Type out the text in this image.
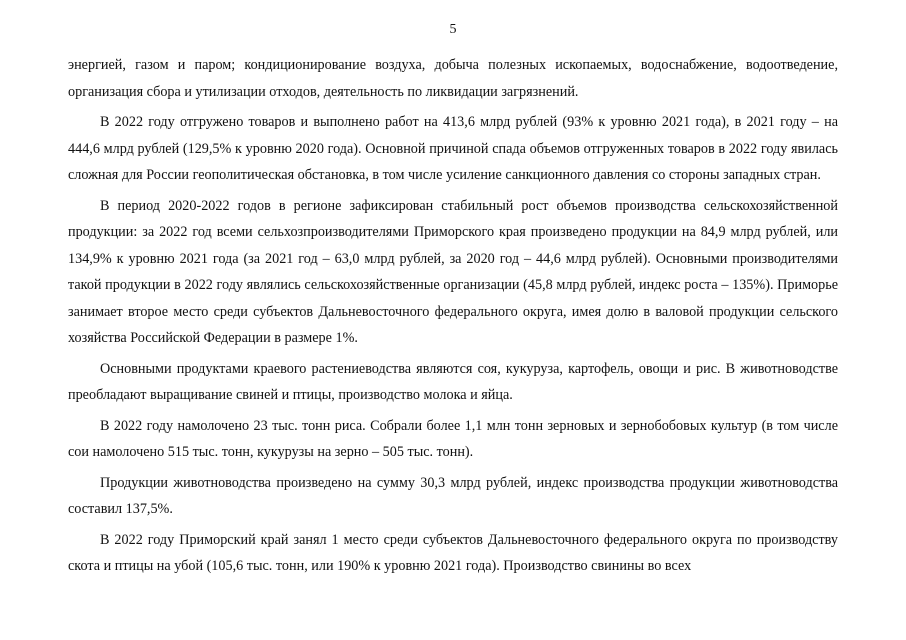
5

энергией, газом и паром; кондиционирование воздуха, добыча полезных ископаемых, водоснабжение, водоотведение, организация сбора и утилизации отходов, деятельность по ликвидации загрязнений.

В 2022 году отгружено товаров и выполнено работ на 413,6 млрд рублей (93% к уровню 2021 года), в 2021 году – на 444,6 млрд рублей (129,5% к уровню 2020 года). Основной причиной спада объемов отгруженных товаров в 2022 году явилась сложная для России геополитическая обстановка, в том числе усиление санкционного давления со стороны западных стран.

В период 2020-2022 годов в регионе зафиксирован стабильный рост объемов производства сельскохозяйственной продукции: за 2022 год всеми сельхозпроизводителями Приморского края произведено продукции на 84,9 млрд рублей, или 134,9% к уровню 2021 года (за 2021 год – 63,0 млрд рублей, за 2020 год – 44,6 млрд рублей). Основными производителями такой продукции в 2022 году являлись сельскохозяйственные организации (45,8 млрд рублей, индекс роста – 135%). Приморье занимает второе место среди субъектов Дальневосточного федерального округа, имея долю в валовой продукции сельского хозяйства Российской Федерации в размере 1%.

Основными продуктами краевого растениеводства являются соя, кукуруза, картофель, овощи и рис. В животноводстве преобладают выращивание свиней и птицы, производство молока и яйца.

В 2022 году намолочено 23 тыс. тонн риса. Собрали более 1,1 млн тонн зерновых и зернобобовых культур (в том числе сои намолочено 515 тыс. тонн, кукурузы на зерно – 505 тыс. тонн).

Продукции животноводства произведено на сумму 30,3 млрд рублей, индекс производства продукции животноводства составил 137,5%.

В 2022 году Приморский край занял 1 место среди субъектов Дальневосточного федерального округа по производству скота и птицы на убой (105,6 тыс. тонн, или 190% к уровню 2021 года). Производство свинины во всех
